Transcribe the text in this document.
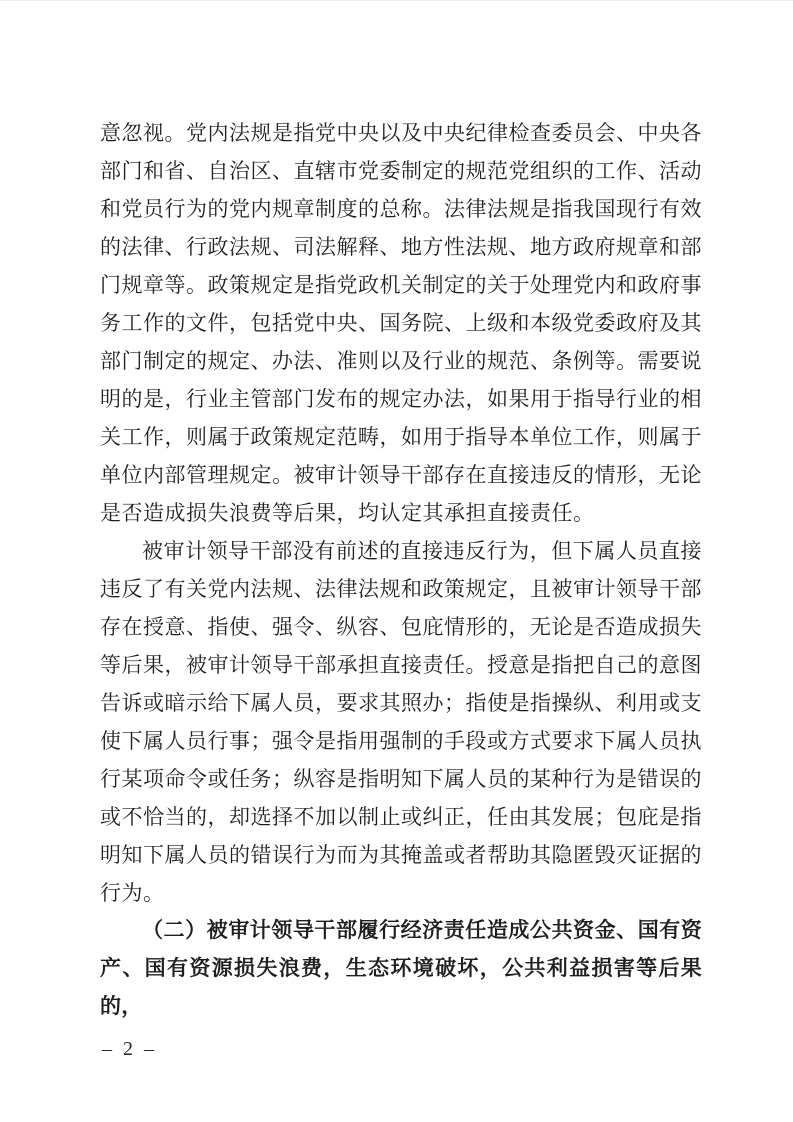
意忽视。党内法规是指党中央以及中央纪律检查委员会、中央各部门和省、自治区、直辖市党委制定的规范党组织的工作、活动和党员行为的党内规章制度的总称。法律法规是指我国现行有效的法律、行政法规、司法解释、地方性法规、地方政府规章和部门规章等。政策规定是指党政机关制定的关于处理党内和政府事务工作的文件，包括党中央、国务院、上级和本级党委政府及其部门制定的规定、办法、准则以及行业的规范、条例等。需要说明的是，行业主管部门发布的规定办法，如果用于指导行业的相关工作，则属于政策规定范畴，如用于指导本单位工作，则属于单位内部管理规定。被审计领导干部存在直接违反的情形，无论是否造成损失浪费等后果，均认定其承担直接责任。

被审计领导干部没有前述的直接违反行为，但下属人员直接违反了有关党内法规、法律法规和政策规定，且被审计领导干部存在授意、指使、强令、纵容、包庇情形的，无论是否造成损失等后果，被审计领导干部承担直接责任。授意是指把自己的意图告诉或暗示给下属人员，要求其照办；指使是指操纵、利用或支使下属人员行事；强令是指用强制的手段或方式要求下属人员执行某项命令或任务；纵容是指明知下属人员的某种行为是错误的或不恰当的，却选择不加以制止或纠正，任由其发展；包庇是指明知下属人员的错误行为而为其掩盖或者帮助其隐匿毁灭证据的行为。

（二）被审计领导干部履行经济责任造成公共资金、国有资产、国有资源损失浪费，生态环境破坏，公共利益损害等后果的，

– 2 –
